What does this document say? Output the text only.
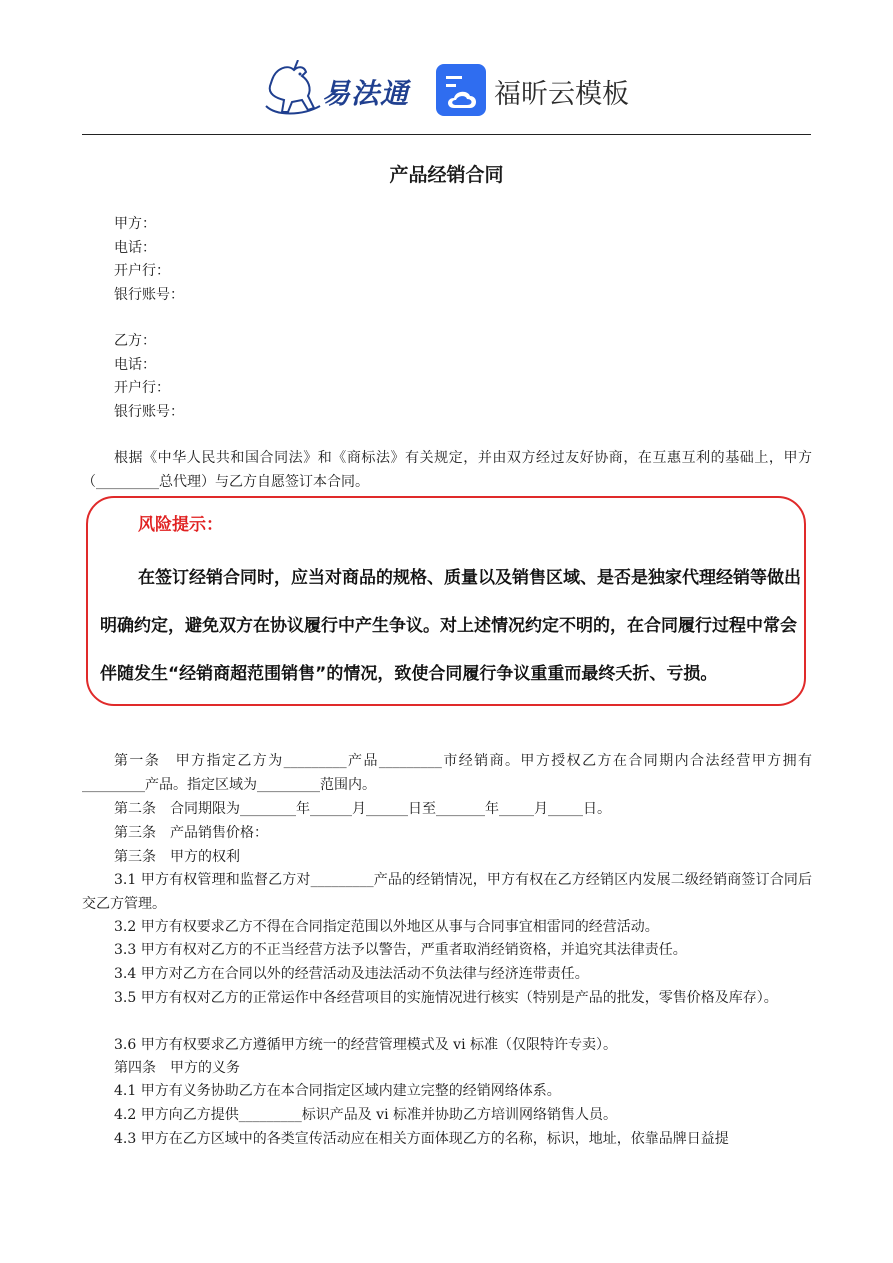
易法通	福昕云模板
产品经销合同
甲方：
电话：
开户行：
银行账号：
乙方：
电话：
开户行：
银行账号：
根据《中华人民共和国合同法》和《商标法》有关规定，并由双方经过友好协商，在互惠互利的基础上，甲方（_________总代理）与乙方自愿签订本合同。
风险提示：
在签订经销合同时，应当对商品的规格、质量以及销售区域、是否是独家代理经销等做出明确约定，避免双方在协议履行中产生争议。对上述情况约定不明的，在合同履行过程中常会伴随发生“经销商超范围销售”的情况，致使合同履行争议重重而最终夭折、亏损。
第一条　甲方指定乙方为_________产品_________市经销商。甲方授权乙方在合同期内合法经营甲方拥有_________产品。指定区域为_________范围内。
第二条　合同期限为________年______月______日至_______年_____月_____日。
第三条　产品销售价格：
第三条　甲方的权利
3.1 甲方有权管理和监督乙方对_________产品的经销情况，甲方有权在乙方经销区内发展二级经销商签订合同后交乙方管理。
3.2 甲方有权要求乙方不得在合同指定范围以外地区从事与合同事宜相雷同的经营活动。
3.3 甲方有权对乙方的不正当经营方法予以警告，严重者取消经销资格，并追究其法律责任。
3.4 甲方对乙方在合同以外的经营活动及违法活动不负法律与经济连带责任。
3.5 甲方有权对乙方的正常运作中各经营项目的实施情况进行核实（特别是产品的批发，零售价格及库存）。
3.6 甲方有权要求乙方遵循甲方统一的经营管理模式及 vi 标准（仅限特许专卖）。
第四条　甲方的义务
4.1 甲方有义务协助乙方在本合同指定区域内建立完整的经销网络体系。
4.2 甲方向乙方提供_________标识产品及 vi 标准并协助乙方培训网络销售人员。
4.3 甲方在乙方区域中的各类宣传活动应在相关方面体现乙方的名称，标识，地址，依靠品牌日益提
